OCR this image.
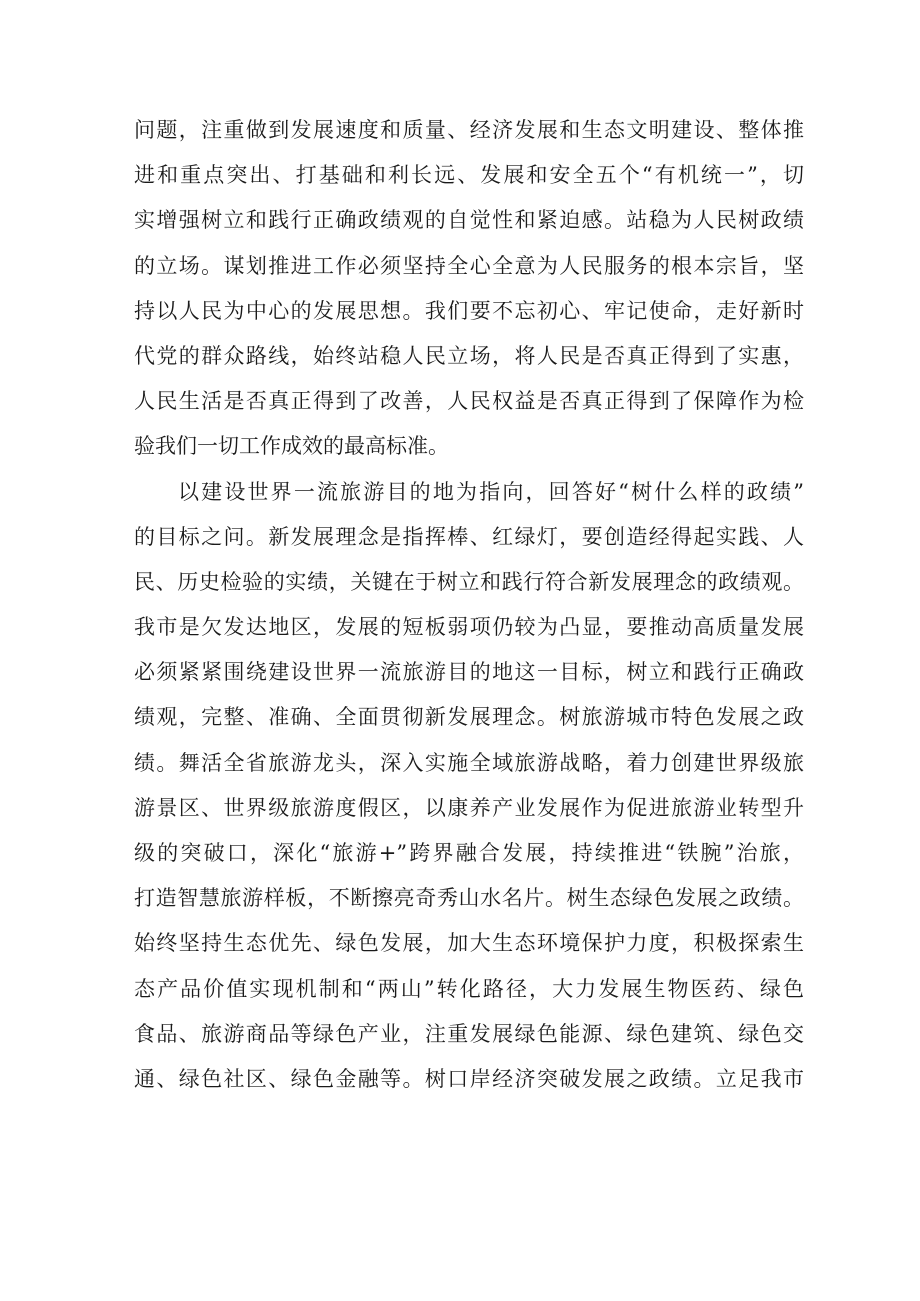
问题，注重做到发展速度和质量、经济发展和生态文明建设、整体推
进和重点突出、打基础和利长远、发展和安全五个“有机统一”，切
实增强树立和践行正确政绩观的自觉性和紧迫感。站稳为人民树政绩
的立场。谋划推进工作必须坚持全心全意为人民服务的根本宗旨，坚
持以人民为中心的发展思想。我们要不忘初心、牢记使命，走好新时
代党的群众路线，始终站稳人民立场，将人民是否真正得到了实惠，
人民生活是否真正得到了改善，人民权益是否真正得到了保障作为检
验我们一切工作成效的最高标准。
以建设世界一流旅游目的地为指向，回答好“树什么样的政绩”
的目标之问。新发展理念是指挥棒、红绿灯，要创造经得起实践、人
民、历史检验的实绩，关键在于树立和践行符合新发展理念的政绩观。
我市是欠发达地区，发展的短板弱项仍较为凸显，要推动高质量发展
必须紧紧围绕建设世界一流旅游目的地这一目标，树立和践行正确政
绩观，完整、准确、全面贯彻新发展理念。树旅游城市特色发展之政
绩。舞活全省旅游龙头，深入实施全域旅游战略，着力创建世界级旅
游景区、世界级旅游度假区，以康养产业发展作为促进旅游业转型升
级的突破口，深化“旅游+”跨界融合发展，持续推进“铁腕”治旅，
打造智慧旅游样板，不断擦亮奇秀山水名片。树生态绿色发展之政绩。
始终坚持生态优先、绿色发展，加大生态环境保护力度，积极探索生
态产品价值实现机制和“两山”转化路径，大力发展生物医药、绿色
食品、旅游商品等绿色产业，注重发展绿色能源、绿色建筑、绿色交
通、绿色社区、绿色金融等。树口岸经济突破发展之政绩。立足我市
